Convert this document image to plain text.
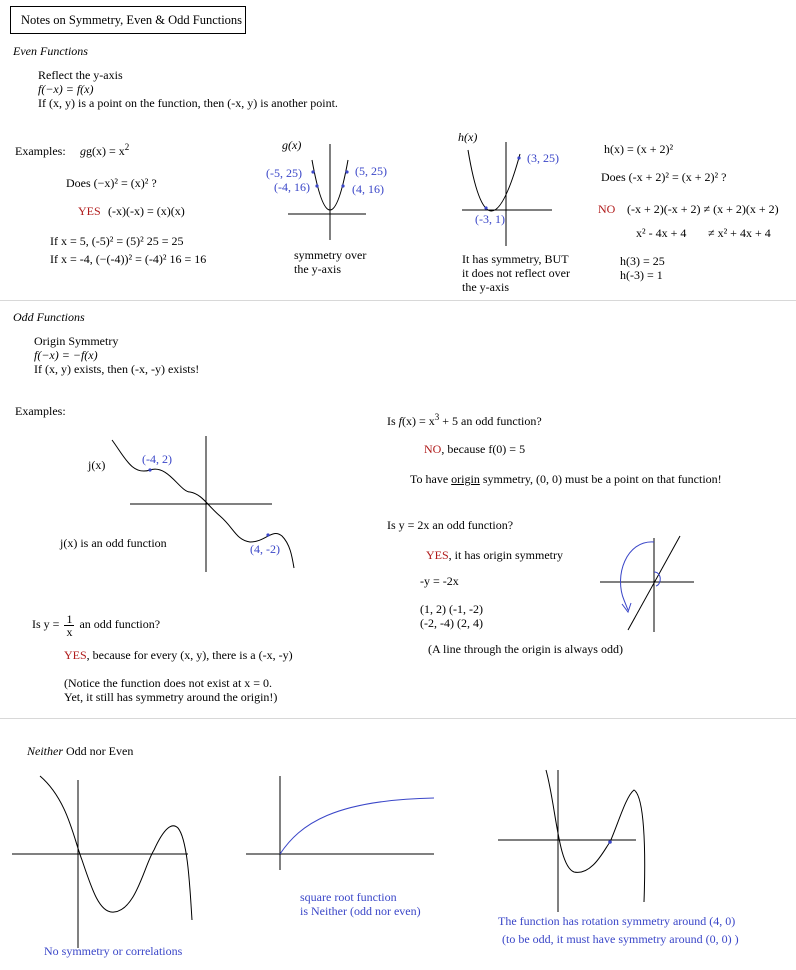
Notes on Symmetry, Even & Odd Functions
Even Functions
Reflect the y-axis
f(−x) = f(x)
If (x, y) is a point on the function, then (-x, y) is another point.
Examples: $gg(x) = x^2$
Does (−x)² = (x)² ?
YES (-x)(-x) = (x)(x)
If x = 5, (-5)² = (5)² 25 = 25
If x = -4, (−(-4))² = (-4)² 16 = 16
g(x)
(-5, 25)
(-4, 16)
(5, 25)
(4, 16)
symmetry over
the y-axis
h(x)
(3, 25)
(-3, 1)
It has symmetry, BUT
it does not reflect over
the y-axis
h(x) = (x + 2)²
Does (-x + 2)² = (x + 2)² ?
NO (-x + 2)(-x + 2) ≠ (x + 2)(x + 2)
x² - 4x + 4 ≠ x² + 4x + 4
h(3) = 25
h(-3) = 1
Odd Functions
Origin Symmetry
f(−x) = −f(x)
If (x, y) exists, then (-x, -y) exists!
Examples:
j(x)	(-4, 2)
(4, -2)
j(x) is an odd function
Is $y = \frac{1}{x}$ an odd function?
YES, because for every (x, y), there is a (-x, -y)
(Notice the function does not exist at x = 0.
Yet, it still has symmetry around the origin!)
Is $f(x) = x^3 + 5$ an odd function?
NO, because f(0) = 5
To have origin symmetry, (0, 0) must be a point on that function!
Is y = 2x an odd function?
YES, it has origin symmetry
-y = -2x
(1, 2) (-1, -2)
(-2, -4) (2, 4)
(A line through the origin is always odd)
Neither Odd nor Even
No symmetry or correlations
square root function
is Neither (odd nor even)
The function has rotation symmetry around (4, 0)
(to be odd, it must have symmetry around (0, 0) )
